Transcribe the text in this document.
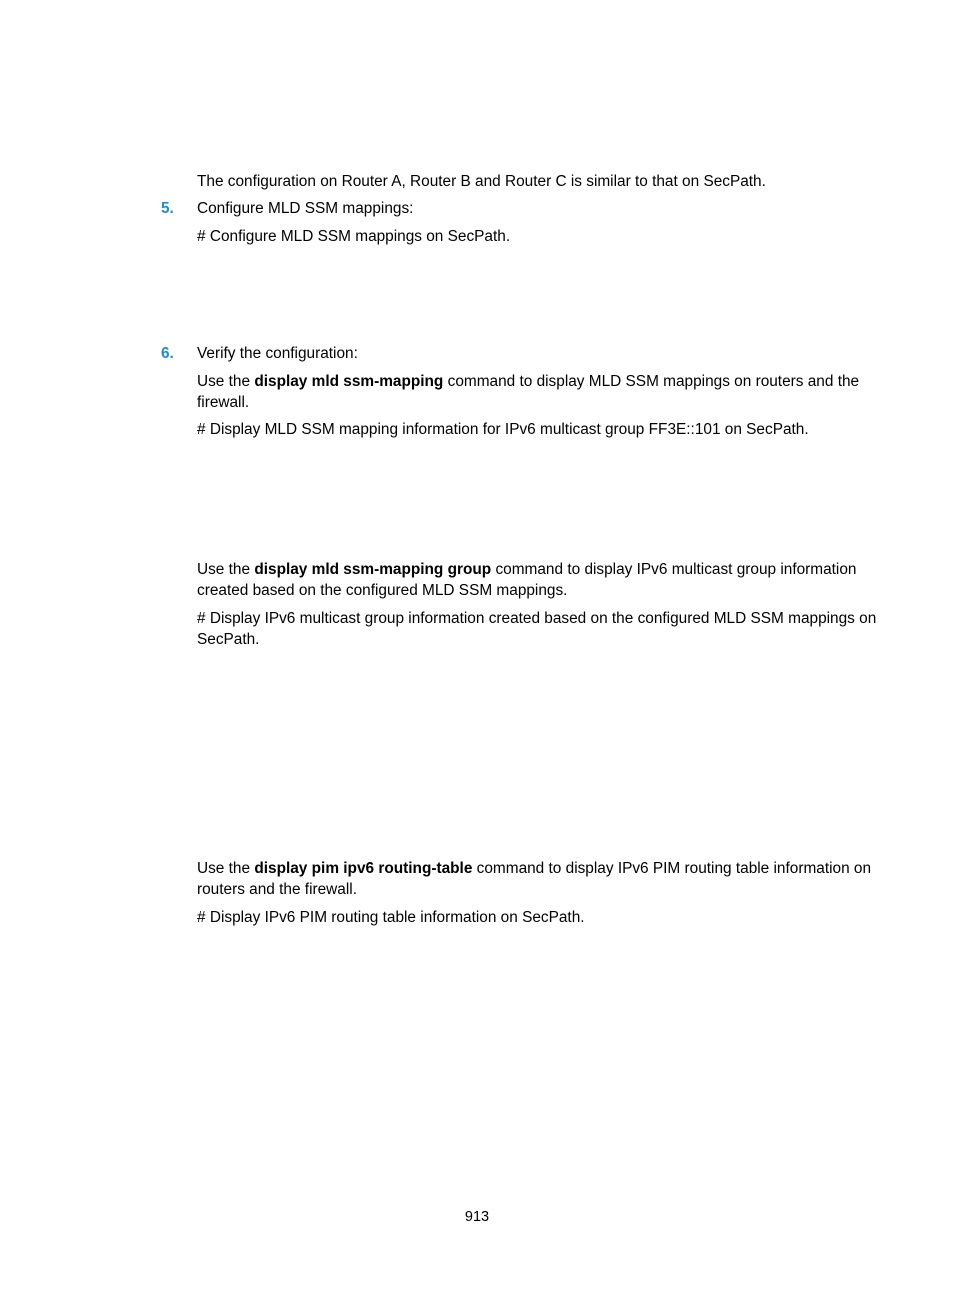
The configuration on Router A, Router B and Router C is similar to that on SecPath.
5. Configure MLD SSM mappings:
# Configure MLD SSM mappings on SecPath.
6. Verify the configuration:
Use the display mld ssm-mapping command to display MLD SSM mappings on routers and the firewall.
# Display MLD SSM mapping information for IPv6 multicast group FF3E::101 on SecPath.
Use the display mld ssm-mapping group command to display IPv6 multicast group information created based on the configured MLD SSM mappings.
# Display IPv6 multicast group information created based on the configured MLD SSM mappings on SecPath.
Use the display pim ipv6 routing-table command to display IPv6 PIM routing table information on routers and the firewall.
# Display IPv6 PIM routing table information on SecPath.
913
